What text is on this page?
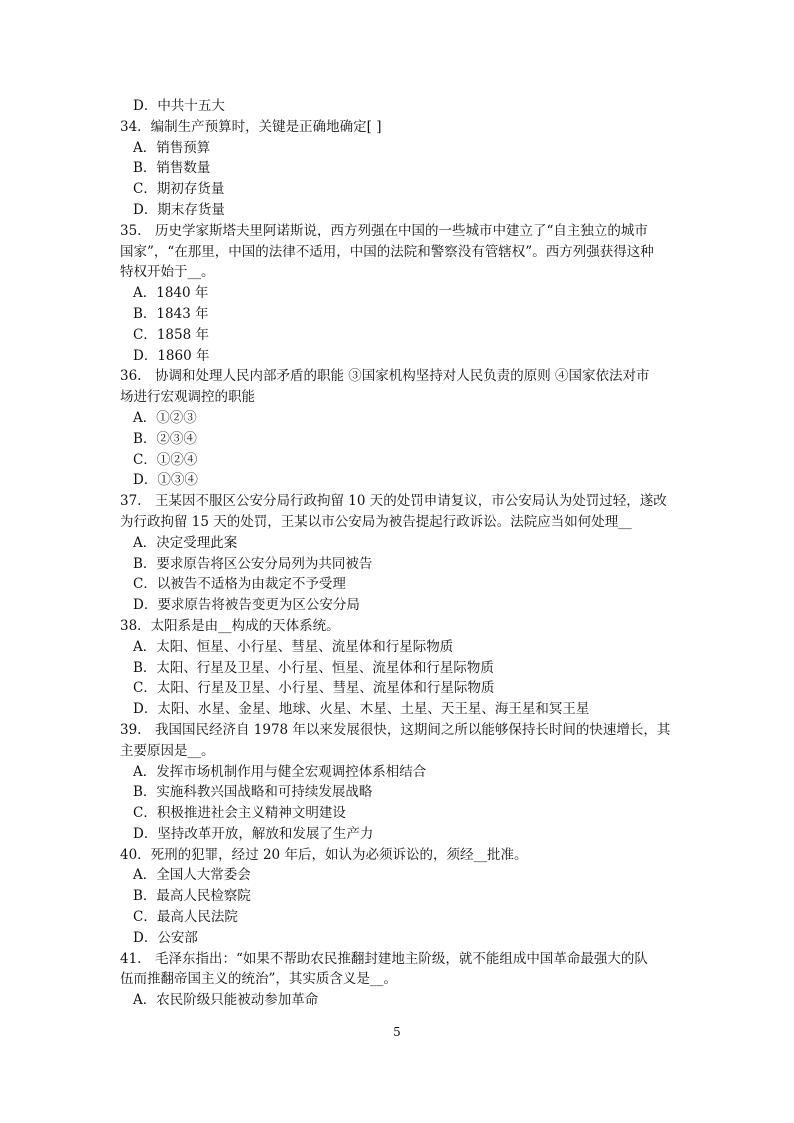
D．中共十五大
34．编制生产预算时，关键是正确地确定[ ]
A．销售预算
B．销售数量
C．期初存货量
D．期末存货量
35.　历史学家斯塔夫里阿诺斯说，西方列强在中国的一些城市中建立了“自主独立的城市
国家”，“在那里，中国的法律不适用，中国的法院和警察没有管辖权”。西方列强获得这种
特权开始于__。
A．1840 年
B．1843 年
C．1858 年
D．1860 年
36.　协调和处理人民内部矛盾的职能 ③国家机构坚持对人民负责的原则 ④国家依法对市
场进行宏观调控的职能
A．①②③
B．②③④
C．①②④
D．①③④
37.　王某因不服区公安分局行政拘留 10 天的处罚申请复议，市公安局认为处罚过轻，遂改
为行政拘留 15 天的处罚，王某以市公安局为被告提起行政诉讼。法院应当如何处理__
A．决定受理此案
B．要求原告将区公安分局列为共同被告
C．以被告不适格为由裁定不予受理
D．要求原告将被告变更为区公安分局
38．太阳系是由__构成的天体系统。
A．太阳、恒星、小行星、彗星、流星体和行星际物质
B．太阳、行星及卫星、小行星、恒星、流星体和行星际物质
C．太阳、行星及卫星、小行星、彗星、流星体和行星际物质
D．太阳、水星、金星、地球、火星、木星、土星、天王星、海王星和冥王星
39.　我国国民经济自 1978 年以来发展很快，这期间之所以能够保持长时间的快速增长，其
主要原因是__。
A．发挥市场机制作用与健全宏观调控体系相结合
B．实施科教兴国战略和可持续发展战略
C．积极推进社会主义精神文明建设
D．坚持改革开放，解放和发展了生产力
40．死刑的犯罪，经过 20 年后，如认为必须诉讼的，须经__批准。
A．全国人大常委会
B．最高人民检察院
C．最高人民法院
D．公安部
41.　毛泽东指出：“如果不帮助农民推翻封建地主阶级，就不能组成中国革命最强大的队
伍而推翻帝国主义的统治”，其实质含义是__。
A．农民阶级只能被动参加革命
5
